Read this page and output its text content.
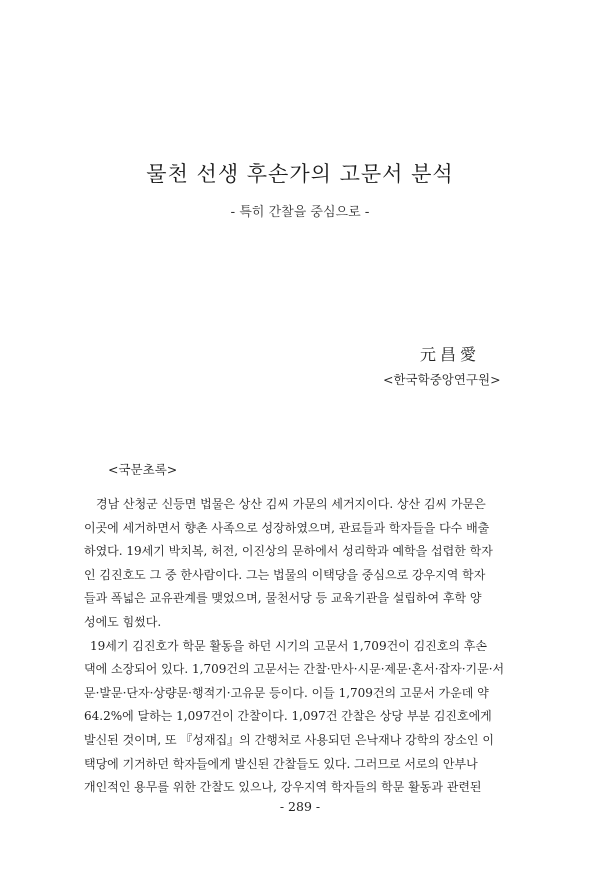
물천 선생 후손가의 고문서 분석
- 특히 간찰을 중심으로 -
元昌愛
<한국학중앙연구원>
<국문초록>
경남 산청군 신등면 법물은 상산 김씨 가문의 세거지이다. 상산 김씨 가문은
이곳에 세거하면서 향촌 사족으로 성장하였으며, 관료들과 학자들을 다수 배출
하였다. 19세기 박치복, 허전, 이진상의 문하에서 성리학과 예학을 섭렵한 학자
인 김진호도 그 중 한사람이다. 그는 법물의 이택당을 중심으로 강우지역 학자
들과 폭넓은 교유관계를 맺었으며, 물천서당 등 교육기관을 설립하여 후학 양
성에도 힘썼다.
19세기 김진호가 학문 활동을 하던 시기의 고문서 1,709건이 김진호의 후손
댁에 소장되어 있다. 1,709건의 고문서는 간찰·만사·시문·제문·혼서·잡자·기문·서
문·발문·단자·상량문·행적기·고유문 등이다. 이들 1,709건의 고문서 가운데 약
64.2%에 달하는 1,097건이 간찰이다. 1,097건 간찰은 상당 부분 김진호에게
발신된 것이며, 또 『성재집』의 간행처로 사용되던 은낙재나 강학의 장소인 이
택당에 기거하던 학자들에게 발신된 간찰들도 있다. 그러므로 서로의 안부나
개인적인 용무를 위한 간찰도 있으나, 강우지역 학자들의 학문 활동과 관련된
- 289 -
